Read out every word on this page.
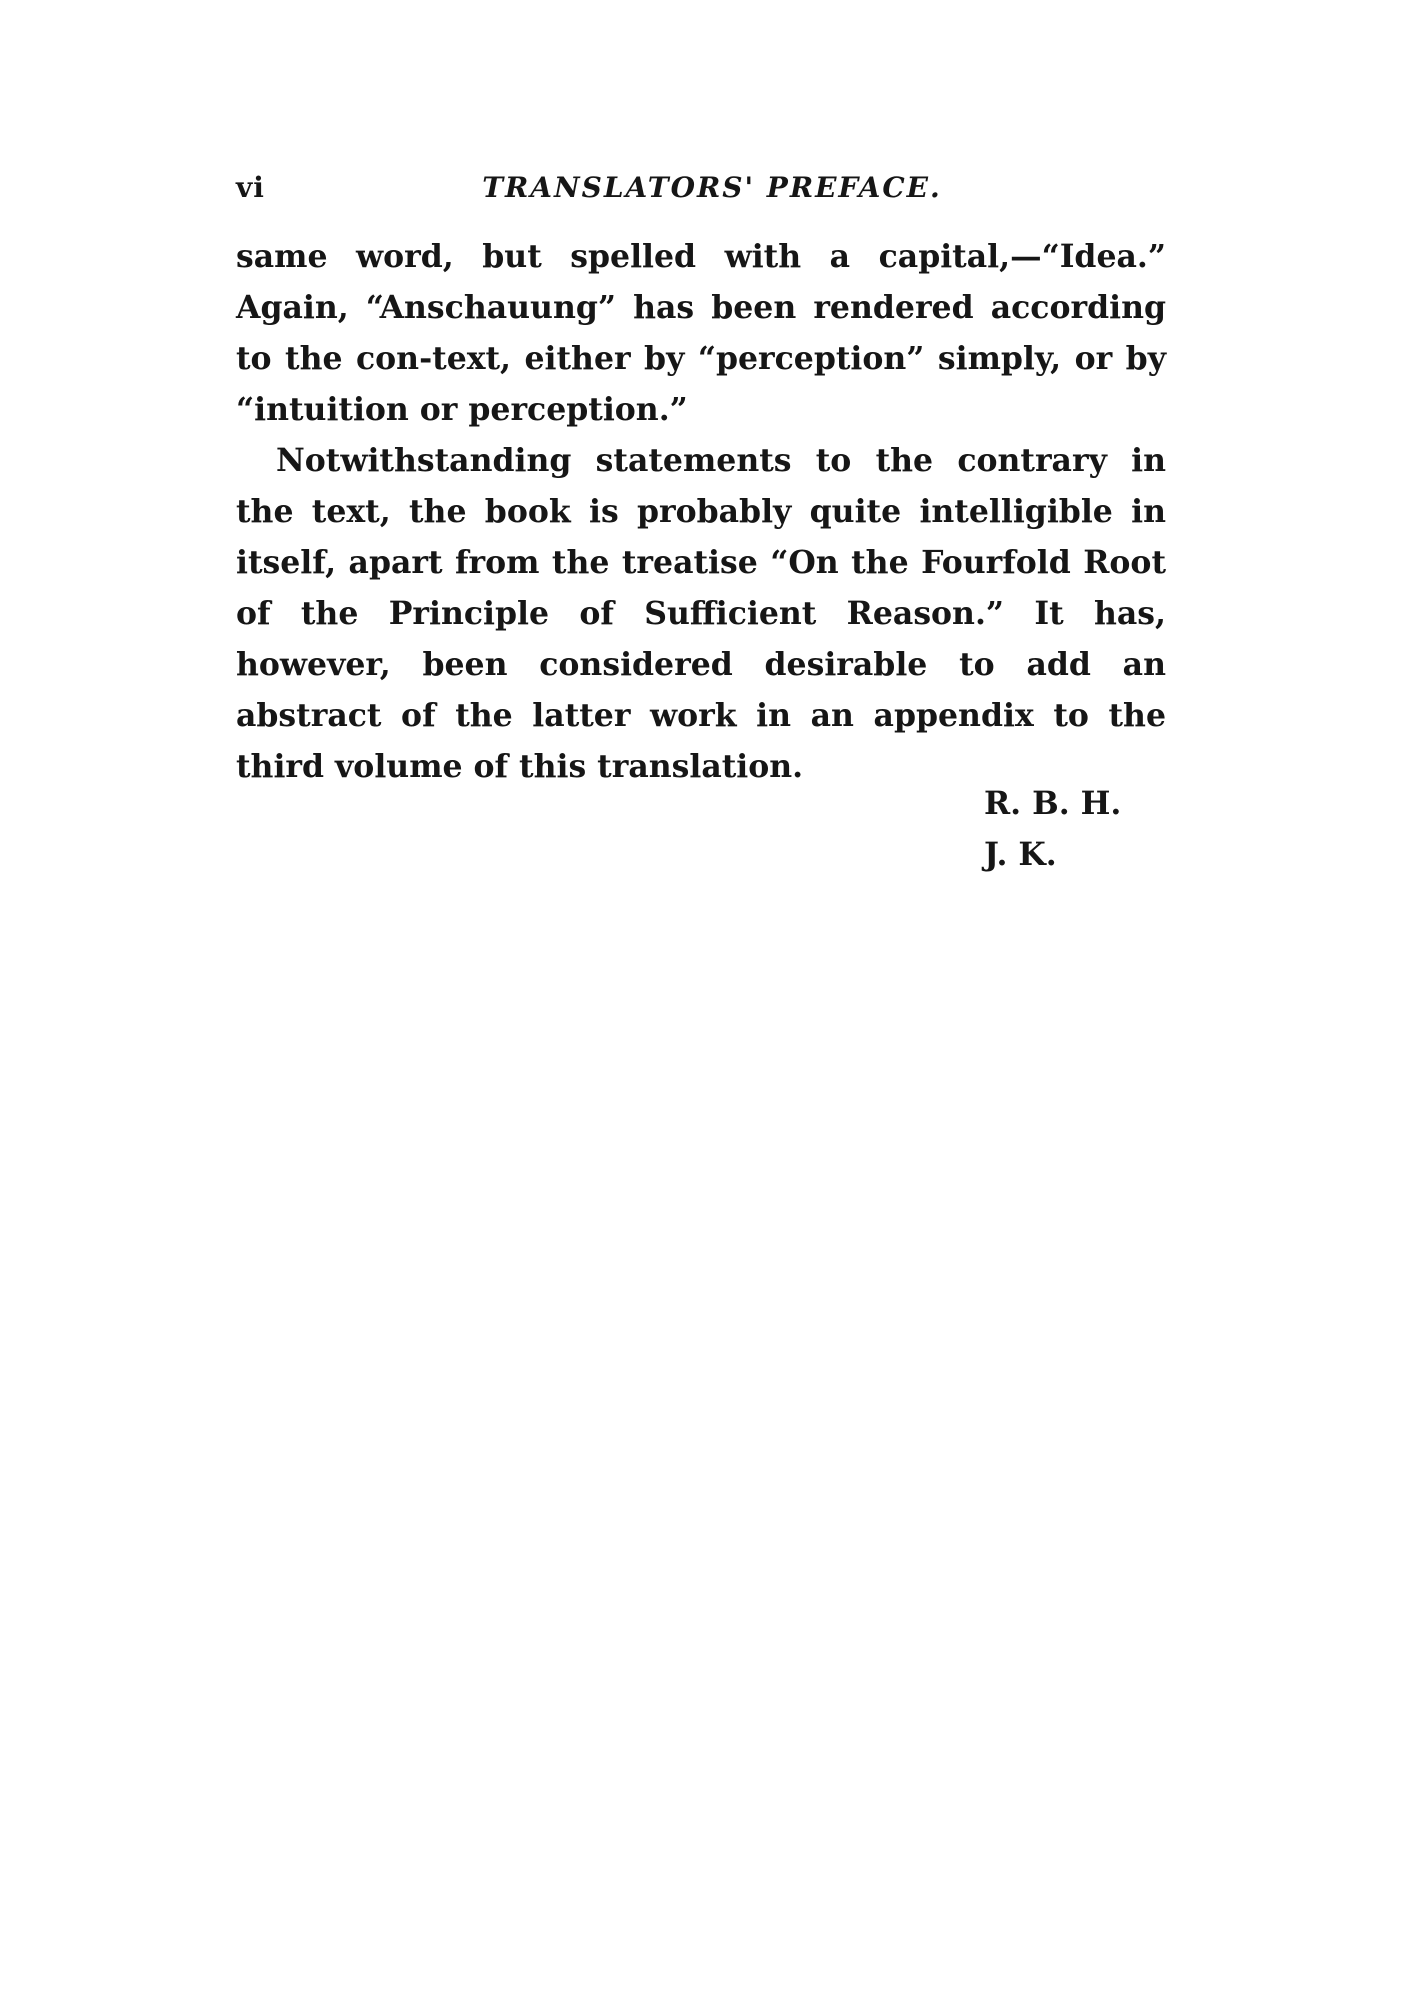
vi	TRANSLATORS' PREFACE.

same word, but spelled with a capital,—“Idea.” Again, “Anschauung” has been rendered according to the con-text, either by “perception” simply, or by “intuition or perception.”

Notwithstanding statements to the contrary in the text, the book is probably quite intelligible in itself, apart from the treatise “On the Fourfold Root of the Principle of Sufficient Reason.” It has, however, been considered desirable to add an abstract of the latter work in an appendix to the third volume of this translation.

R. B. H.
J. K.
